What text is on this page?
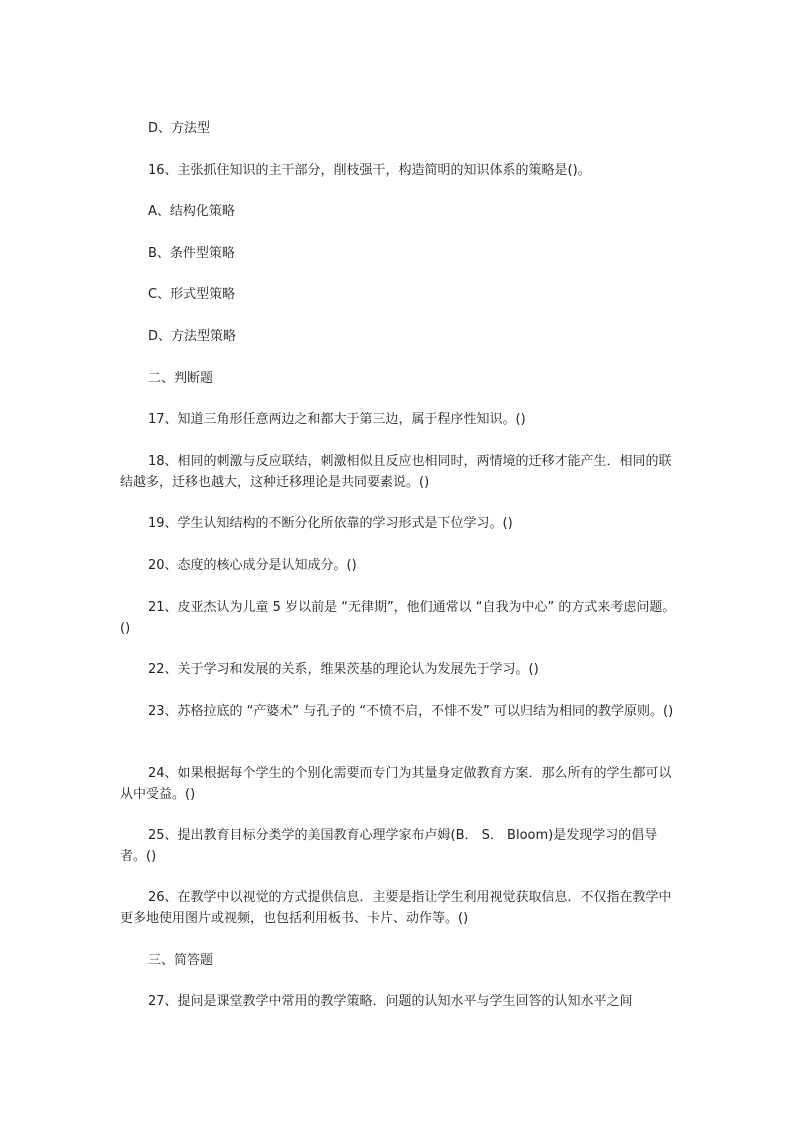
D、方法型

16、主张抓住知识的主干部分，削枝强干，构造简明的知识体系的策略是()。

A、结构化策略

B、条件型策略

C、形式型策略

D、方法型策略

二、判断题

17、知道三角形任意两边之和都大于第三边，属于程序性知识。()

18、相同的刺激与反应联结，刺激相似且反应也相同时，两情境的迁移才能产生．相同的联结越多，迁移也越大，这种迁移理论是共同要素说。()

19、学生认知结构的不断分化所依靠的学习形式是下位学习。()

20、态度的核心成分是认知成分。()

21、皮亚杰认为儿童 5 岁以前是 “无律期”，他们通常以 “自我为中心” 的方式来考虑问题。()

22、关于学习和发展的关系，维果茨基的理论认为发展先于学习。()

23、苏格拉底的 “产婆术” 与孔子的 “不愤不启，不悱不发” 可以归结为相同的教学原则。()

24、如果根据每个学生的个别化需要而专门为其量身定做教育方案．那么所有的学生都可以从中受益。()

25、提出教育目标分类学的美国教育心理学家布卢姆(B． S． Bloom)是发现学习的倡导者。()

26、在教学中以视觉的方式提供信息．主要是指让学生利用视觉获取信息．不仅指在教学中更多地使用图片或视频，也包括利用板书、卡片、动作等。()

三、简答题

27、提问是课堂教学中常用的教学策略．问题的认知水平与学生回答的认知水平之间
